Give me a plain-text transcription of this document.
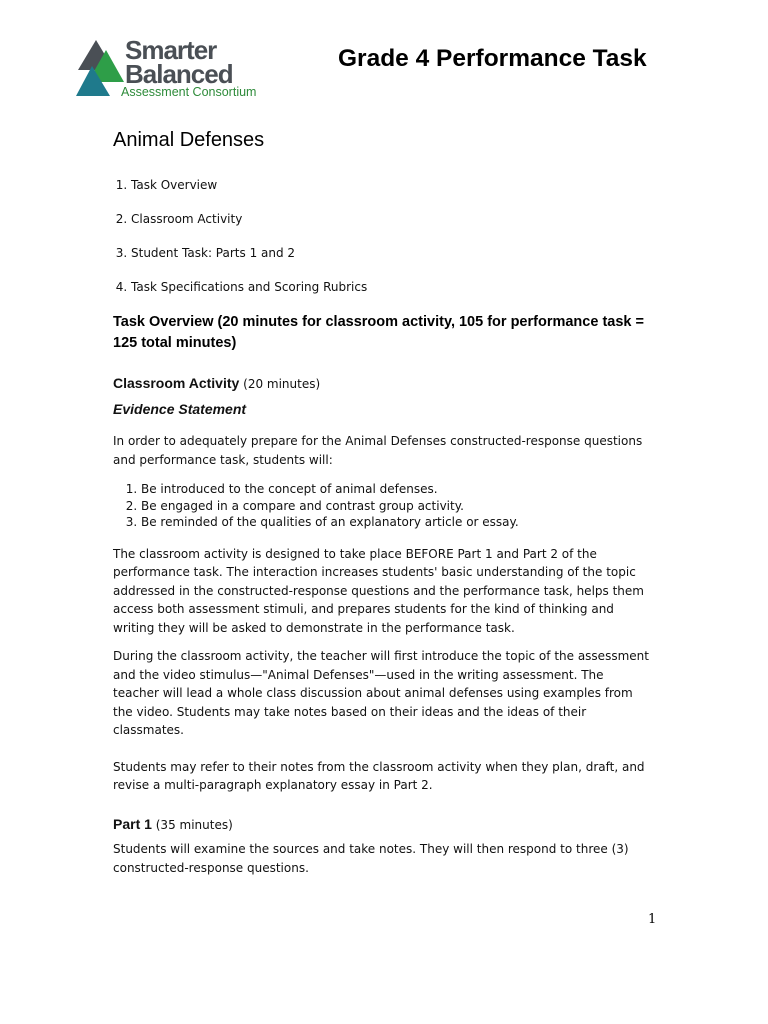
Smarter
Balanced
Assessment Consortium
Grade 4 Performance Task
Animal Defenses
1. Task Overview
2. Classroom Activity
3. Student Task: Parts 1 and 2
4. Task Specifications and Scoring Rubrics
Task Overview (20 minutes for classroom activity, 105 for performance task = 125 total minutes)
Classroom Activity (20 minutes)
Evidence Statement

In order to adequately prepare for the Animal Defenses constructed-response questions and performance task, students will:

1. Be introduced to the concept of animal defenses.
2. Be engaged in a compare and contrast group activity.
3. Be reminded of the qualities of an explanatory article or essay.

The classroom activity is designed to take place BEFORE Part 1 and Part 2 of the performance task. The interaction increases students' basic understanding of the topic addressed in the constructed-response questions and the performance task, helps them access both assessment stimuli, and prepares students for the kind of thinking and writing they will be asked to demonstrate in the performance task.

During the classroom activity, the teacher will first introduce the topic of the assessment and the video stimulus—"Animal Defenses"—used in the writing assessment. The teacher will lead a whole class discussion about animal defenses using examples from the video. Students may take notes based on their ideas and the ideas of their classmates.

Students may refer to their notes from the classroom activity when they plan, draft, and revise a multi-paragraph explanatory essay in Part 2.

Part 1 (35 minutes)

Students will examine the sources and take notes. They will then respond to three (3) constructed-response questions.

1
